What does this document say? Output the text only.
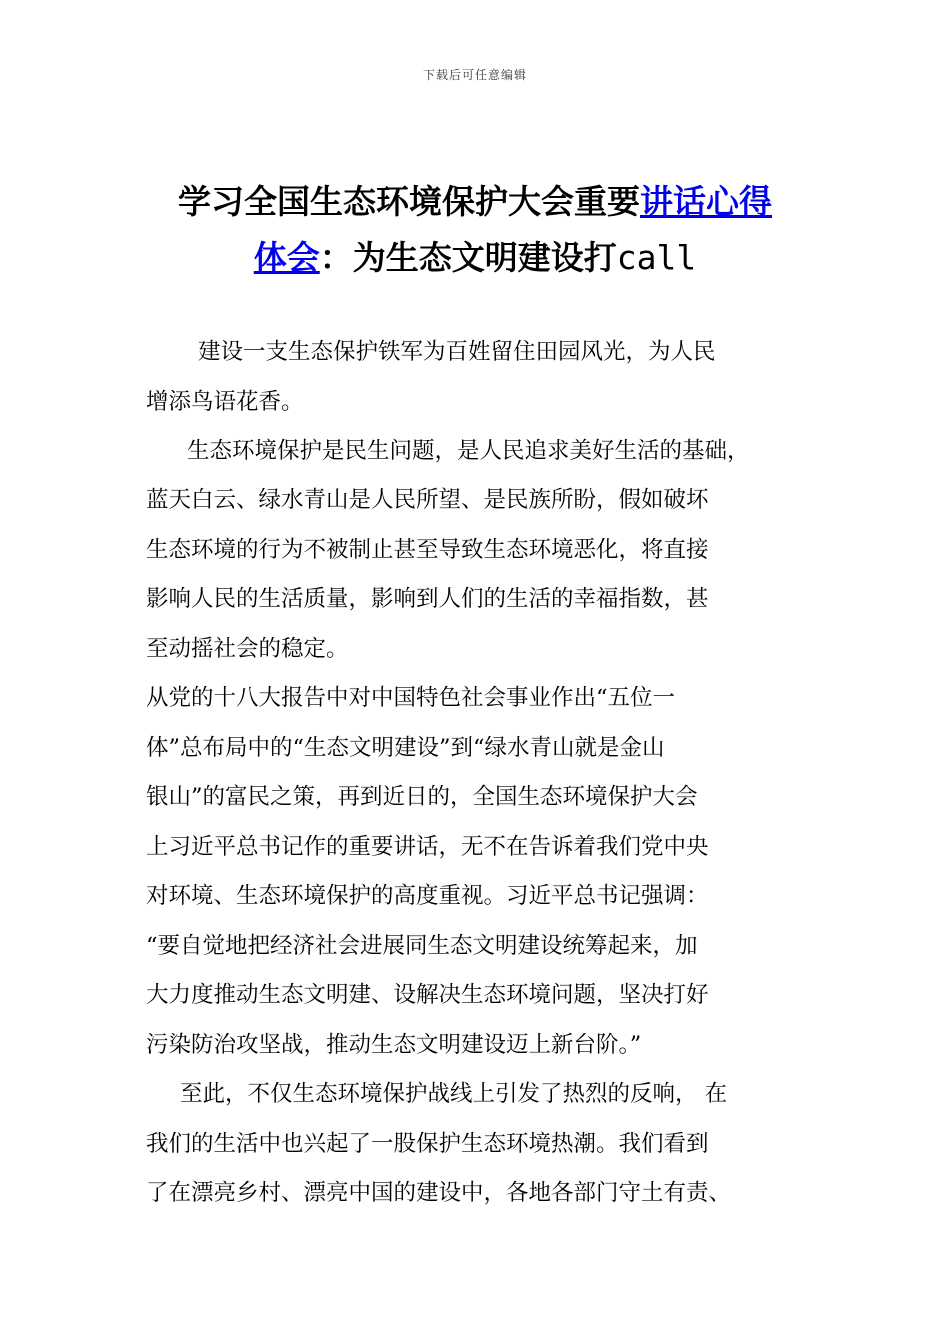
下载后可任意编辑
学习全国生态环境保护大会重要讲话心得
体会：为生态文明建设打call
建设一支生态保护铁军为百姓留住田园风光，为人民
增添鸟语花香。
生态环境保护是民生问题，是人民追求美好生活的基础，
蓝天白云、绿水青山是人民所望、是民族所盼，假如破坏
生态环境的行为不被制止甚至导致生态环境恶化，将直接
影响人民的生活质量，影响到人们的生活的幸福指数，甚
至动摇社会的稳定。
从党的十八大报告中对中国特色社会事业作出“五位一
体”总布局中的“生态文明建设”到“绿水青山就是金山
银山”的富民之策，再到近日的，全国生态环境保护大会
上习近平总书记作的重要讲话，无不在告诉着我们党中央
对环境、生态环境保护的高度重视。习近平总书记强调：
“要自觉地把经济社会进展同生态文明建设统筹起来，加
大力度推动生态文明建、设解决生态环境问题，坚决打好
污染防治攻坚战，推动生态文明建设迈上新台阶。”
至此，不仅生态环境保护战线上引发了热烈的反响， 在
我们的生活中也兴起了一股保护生态环境热潮。我们看到
了在漂亮乡村、漂亮中国的建设中，各地各部门守土有责、
